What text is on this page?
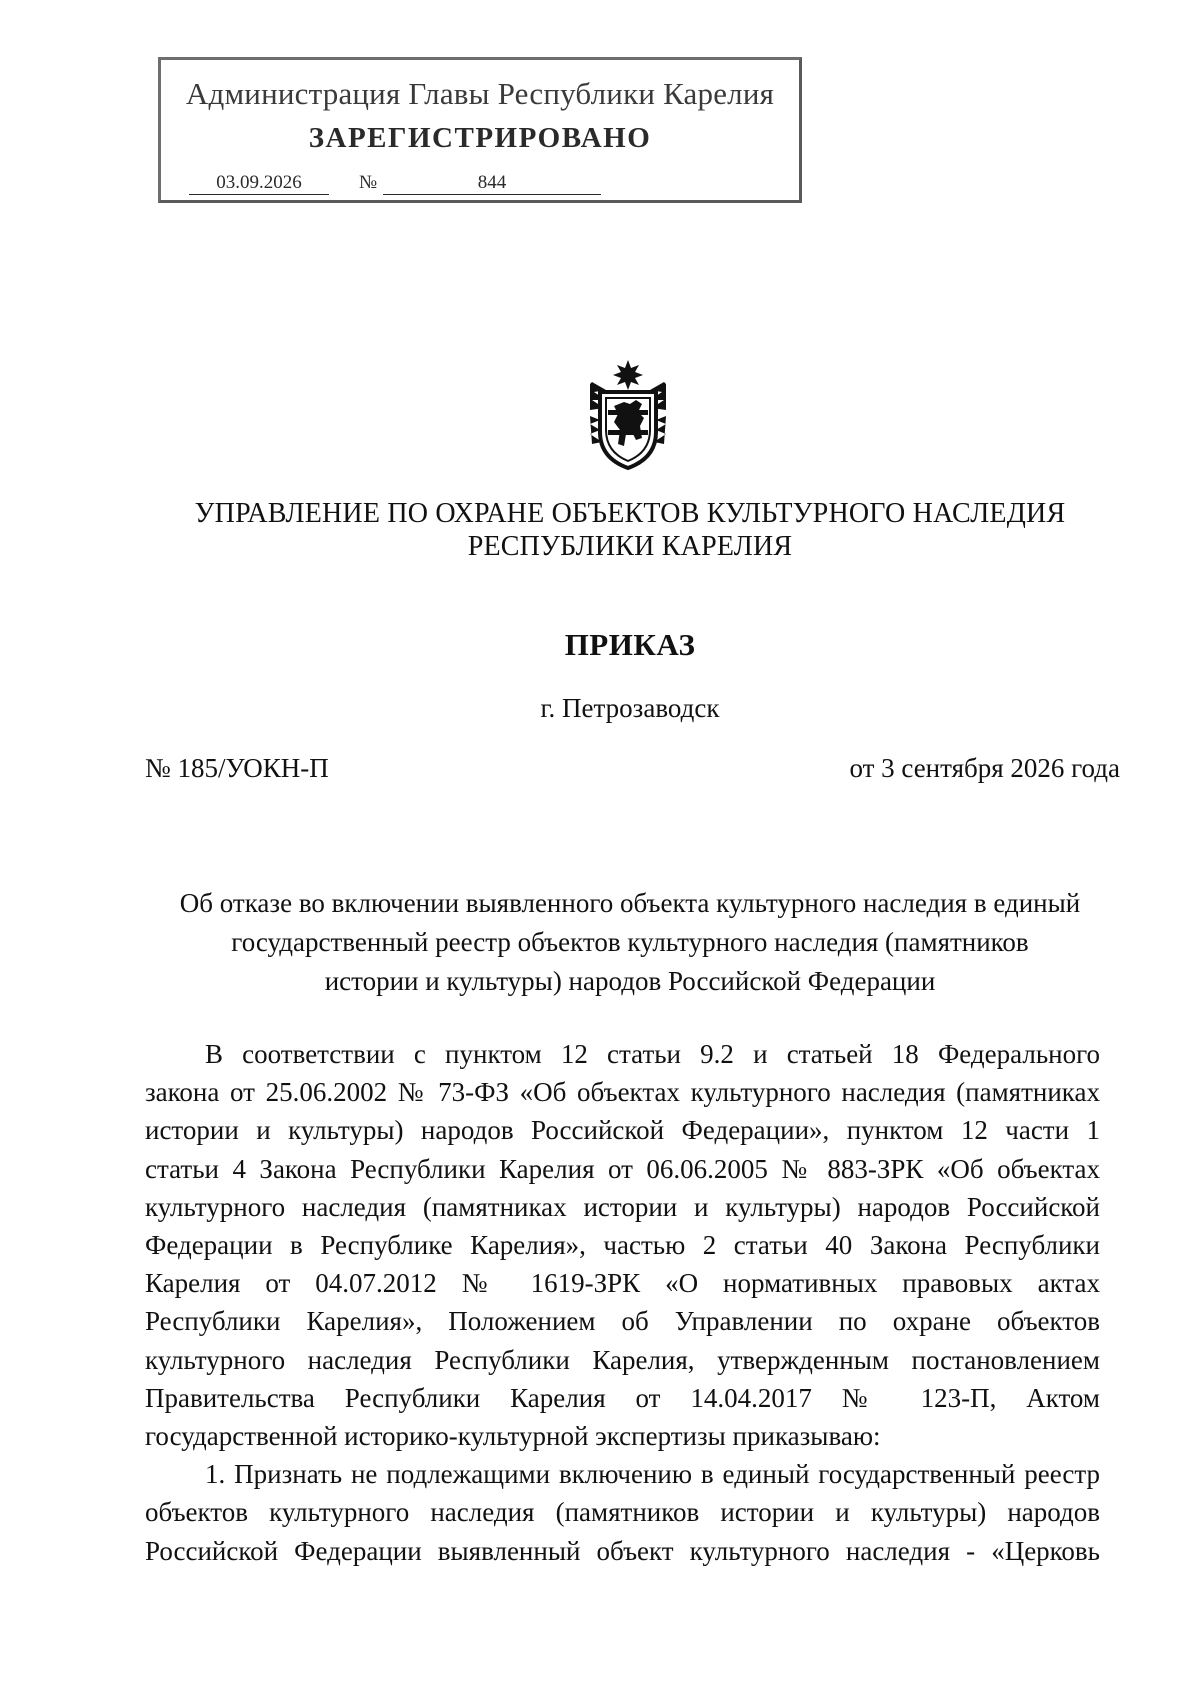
Администрация Главы Республики Карелия
ЗАРЕГИСТРИРОВАНО
03.09.2026	№	844
УПРАВЛЕНИЕ ПО ОХРАНЕ ОБЪЕКТОВ КУЛЬТУРНОГО НАСЛЕДИЯ
РЕСПУБЛИКИ КАРЕЛИЯ
ПРИКАЗ
г. Петрозаводск
№ 185/УОКН-П	от 3 сентября 2026 года
Об отказе во включении выявленного объекта культурного наследия в единый
государственный реестр объектов культурного наследия (памятников
истории и культуры) народов Российской Федерации
В соответствии с пунктом 12 статьи 9.2 и статьей 18 Федерального
закона от 25.06.2002 № 73-ФЗ «Об объектах культурного наследия (памятниках
истории и культуры) народов Российской Федерации», пунктом 12 части 1
статьи 4 Закона Республики Карелия от 06.06.2005 № 883-ЗРК «Об объектах
культурного наследия (памятниках истории и культуры) народов Российской
Федерации в Республике Карелия», частью 2 статьи 40 Закона Республики
Карелия от 04.07.2012 № 1619-ЗРК «О нормативных правовых актах
Республики Карелия», Положением об Управлении по охране объектов
культурного наследия Республики Карелия, утвержденным постановлением
Правительства Республики Карелия от 14.04.2017 № 123-П, Актом
государственной историко-культурной экспертизы приказываю:
1. Признать не подлежащими включению в единый государственный реестр
объектов культурного наследия (памятников истории и культуры) народов
Российской Федерации выявленный объект культурного наследия - «Церковь
